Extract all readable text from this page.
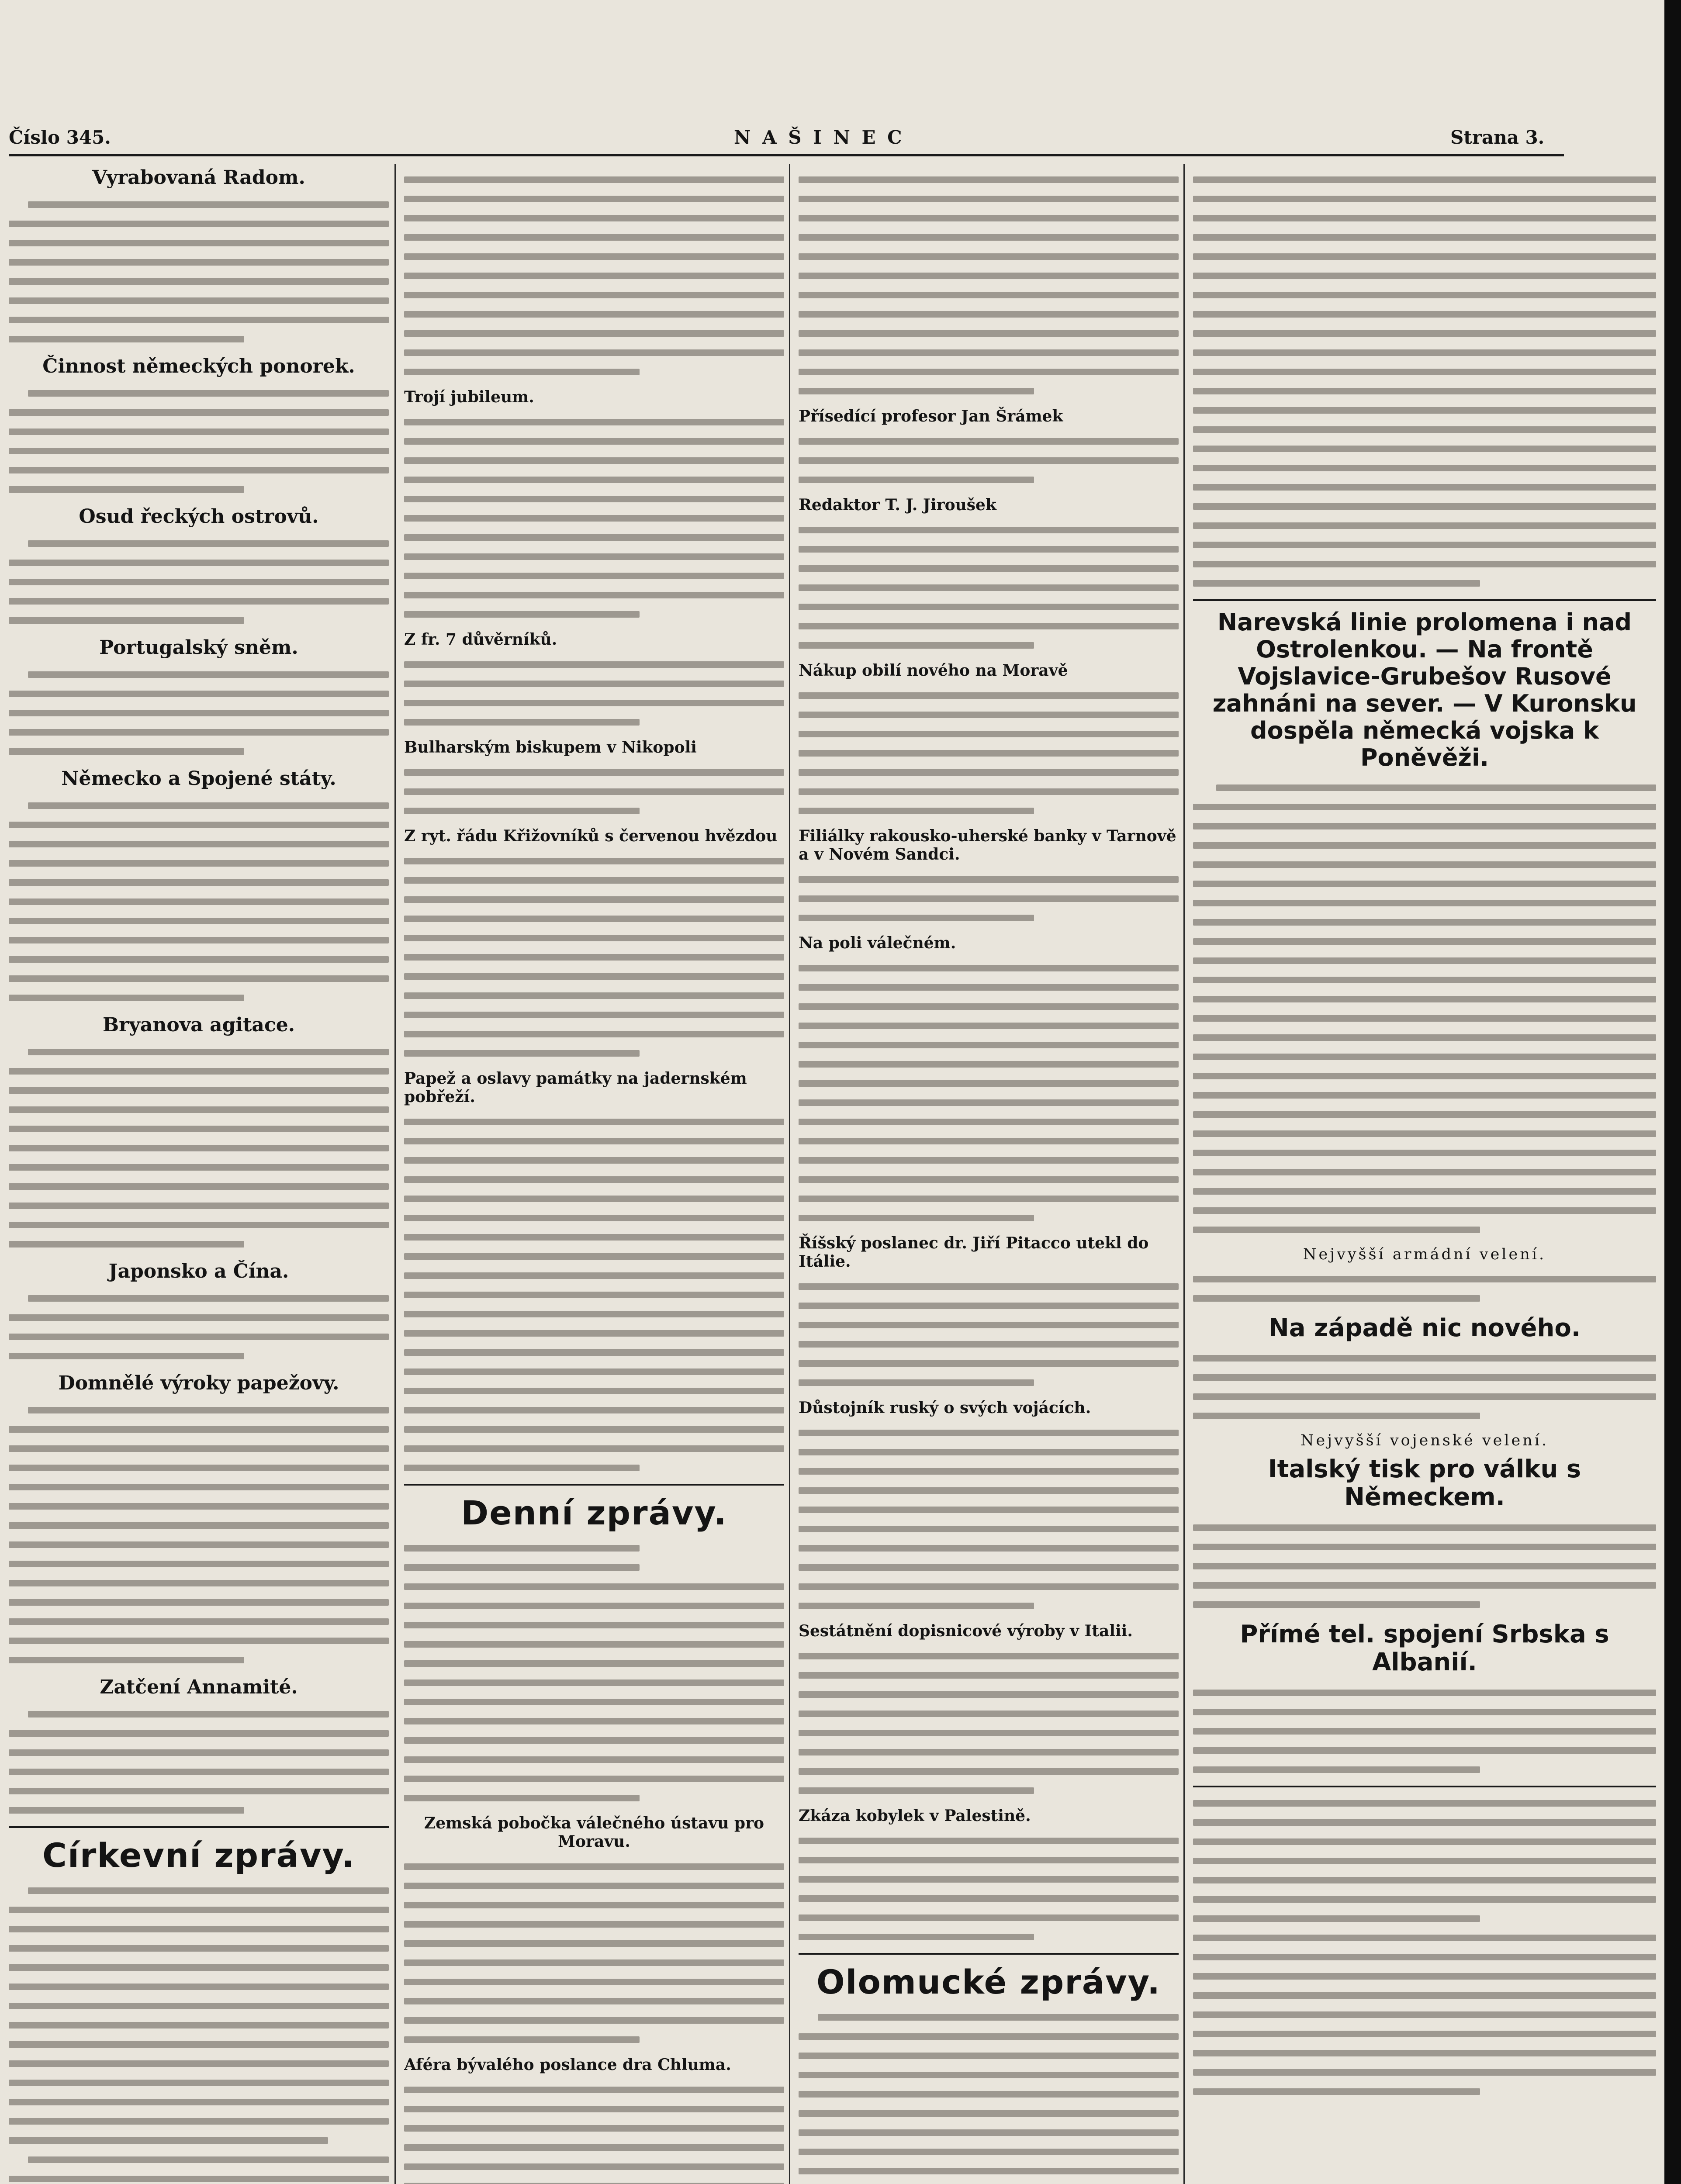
Číslo 345.	N A Š I N E C	Strana 3.
Vyrabovaná Radom.
Činnost německých ponorek.
Osud řeckých ostrovů.
Portugalský sněm.
Německo a Spojené státy.
Bryanova agitace.
Japonsko a Čína.
Domnělé výroky papežovy.
Zatčení Annamité.
Církevní zprávy.
Trojí jubileum.
Z fr. 7 důvěrníků.
Bulharským biskupem v Nikopoli
Z ryt. řádu Křižovníků s červenou hvězdou
Papež a oslavy památky na jadernském pobřeží.
Denní zprávy.
Zemská pobočka válečného ústavu pro Moravu.
Aféra bývalého poslance dra Chluma.
Přísedící profesor Jan Šrámek
Redaktor T. J. Jiroušek
Nákup obilí nového na Moravě
Filiálky rakousko-uherské banky v Tarnově a v Novém Sandci.
Na poli válečném.
Říšský poslanec dr. Jiří Pitacco utekl do Itálie.
Důstojník ruský o svých vojácích.
Sestátnění dopisnicové výroby v Italii.
Zkáza kobylek v Palestině.
Olomucké zprávy.
Narevská linie prolomena i nad Ostrolenkou. — Na frontě Vojslavice-Grubešov Rusové zahnáni na sever. — V Kuronsku dospěla německá vojska k Poněvěži.
Nejvyšší armádní velení.
Na západě nic nového.
Nejvyšší vojenské velení.
Italský tisk pro válku s Německem.
Přímé tel. spojení Srbska s Albanií.
